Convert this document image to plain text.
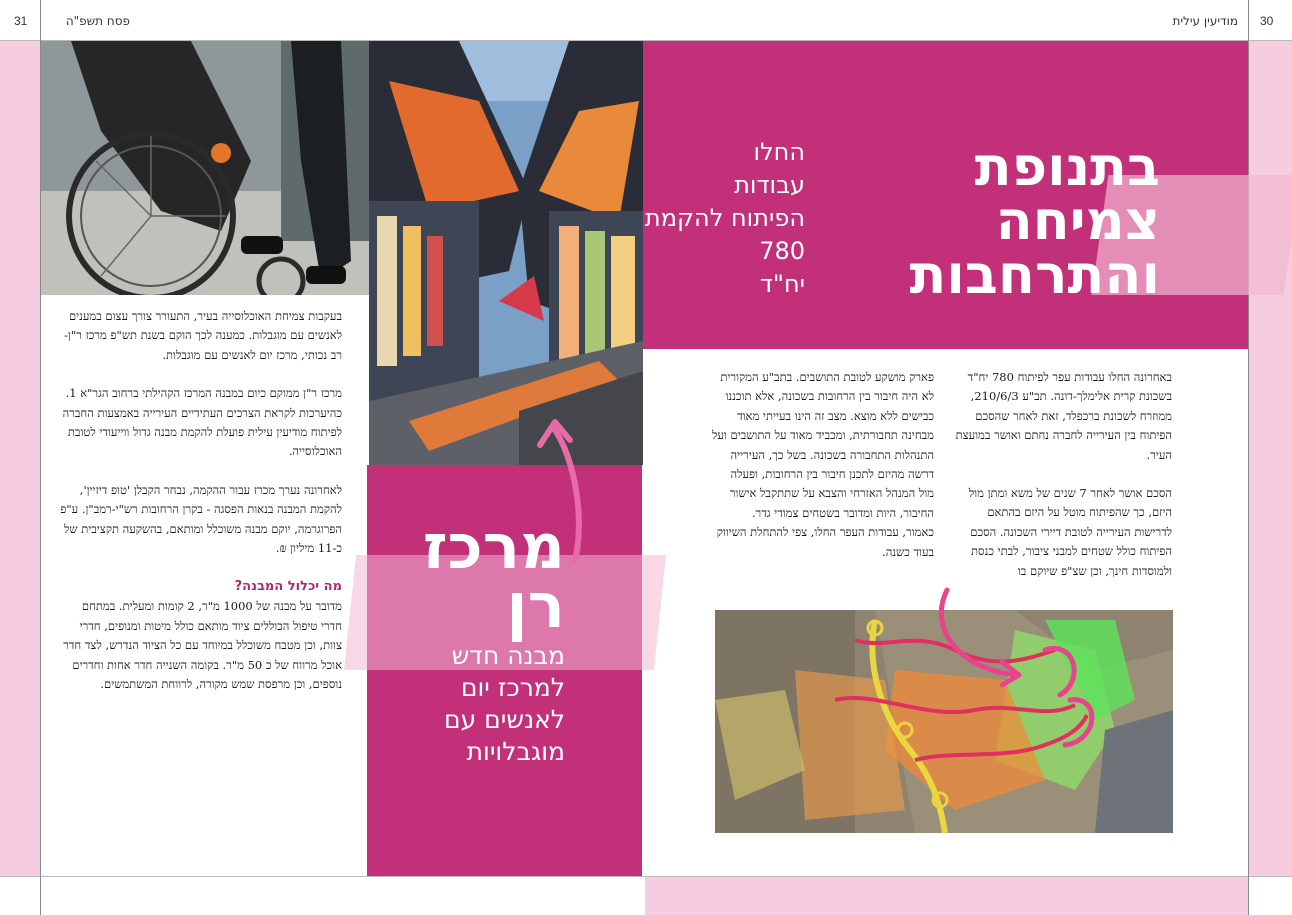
31	פסח תשפ"ה	מודיעין עילית 30

בעקבות צמיחת האוכלוסייה בעיר, התעורר צורך עצום במענים לאנשים עם מוגבלות. כמענה לכך הוקם בשנת תש"פ מרכז ר"ן- רב נכותי, מרכז יום לאנשים עם מוגבלות.

מרכז ר"ן ממוקם כיום במבנה המרכז הקהילתי ברחוב הגר"א 1. כהיערכות לקראת הצרכים העתידיים העירייה באמצעות החברה לפיתוח מודיעין עילית פועלת להקמת מבנה גדול ווייעודי לטובת האוכלוסייה.

לאחרונה נערך מכרז עבור ההקמה, נבחר הקבלן 'טופ דיזיין', להקמת המבנה בנאות הפסגה - בקרן הרחובות רש"י-רמב"ן. ע"פ הפרוגרמה, יוקם מבנה משוכלל ומותאם, בהשקעה תקציבית של כ-11 מיליון ₪.

מה יכלול המבנה?
מדובר על מבנה של 1000 מ"ר, 2 קומות ומעלית. במתחם חדרי טיפול הכוללים ציוד מותאם כולל מיטות ומנופים, חדרי צוות, וכן מטבח משוכלל במיוחד עם כל הציוד הנדרש, לצד חדר אוכל מרווח של כ 50 מ"ר. בקומה השנייה חדר אחות וחדרים נוספים, וכן מרפסת שמש מקורה, לרווחת המשתמשים.
מרכז
רן
מבנה חדש
למרכז יום
לאנשים עם
מוגבלויות
בתנופת
צמיחה
והתרחבות
החלו
עבודות
הפיתוח להקמת
780
יח"ד

באחרונה החלו עבודות עפר לפיתוח 780 יח"ד בשכונת קרית אלימלך-דונה. תב"ע 210/6/3, ממוזרח לשכונת ברכפלד, זאת לאחר שהסכם הפיתוח בין העירייה לחברה נחתם ואושר במועצת העיר.

הסכם אושר לאחר 7 שנים של משא ומתן מול היזם, כך שהפיתוח מוטל על היזם בהתאם לדרישות העירייה לטובת דיירי השכונה. הסכם הפיתוח כולל שטחים למבני ציבור, לבתי כנסת ולמוסדות חינך, וכן שצ"פ שיוקם בו

פארק מושקע לטובת התושבים. בתב"ע המקורית לא היה חיבור בין הרחובות בשכונה, אלא תוכננו כבישים ללא מוצא. מצב זה הינו בעייתי מאוד מבחינה תחבורתית, ומכביד מאוד על התושבים ועל התנהלות התחבורה בשכונה. בשל כך, העירייה דרשה מהיזם לתכנן חיבור בין הרחובות, ופעלה מול המנהל האזרחי והצבא על שתתקבל אישור החיבור, היות ומדובר בשטחים צמודי גדר.

כאמור, עבודות העפר החלו, צפי להתחלת השיווק בעוד כשנה.
